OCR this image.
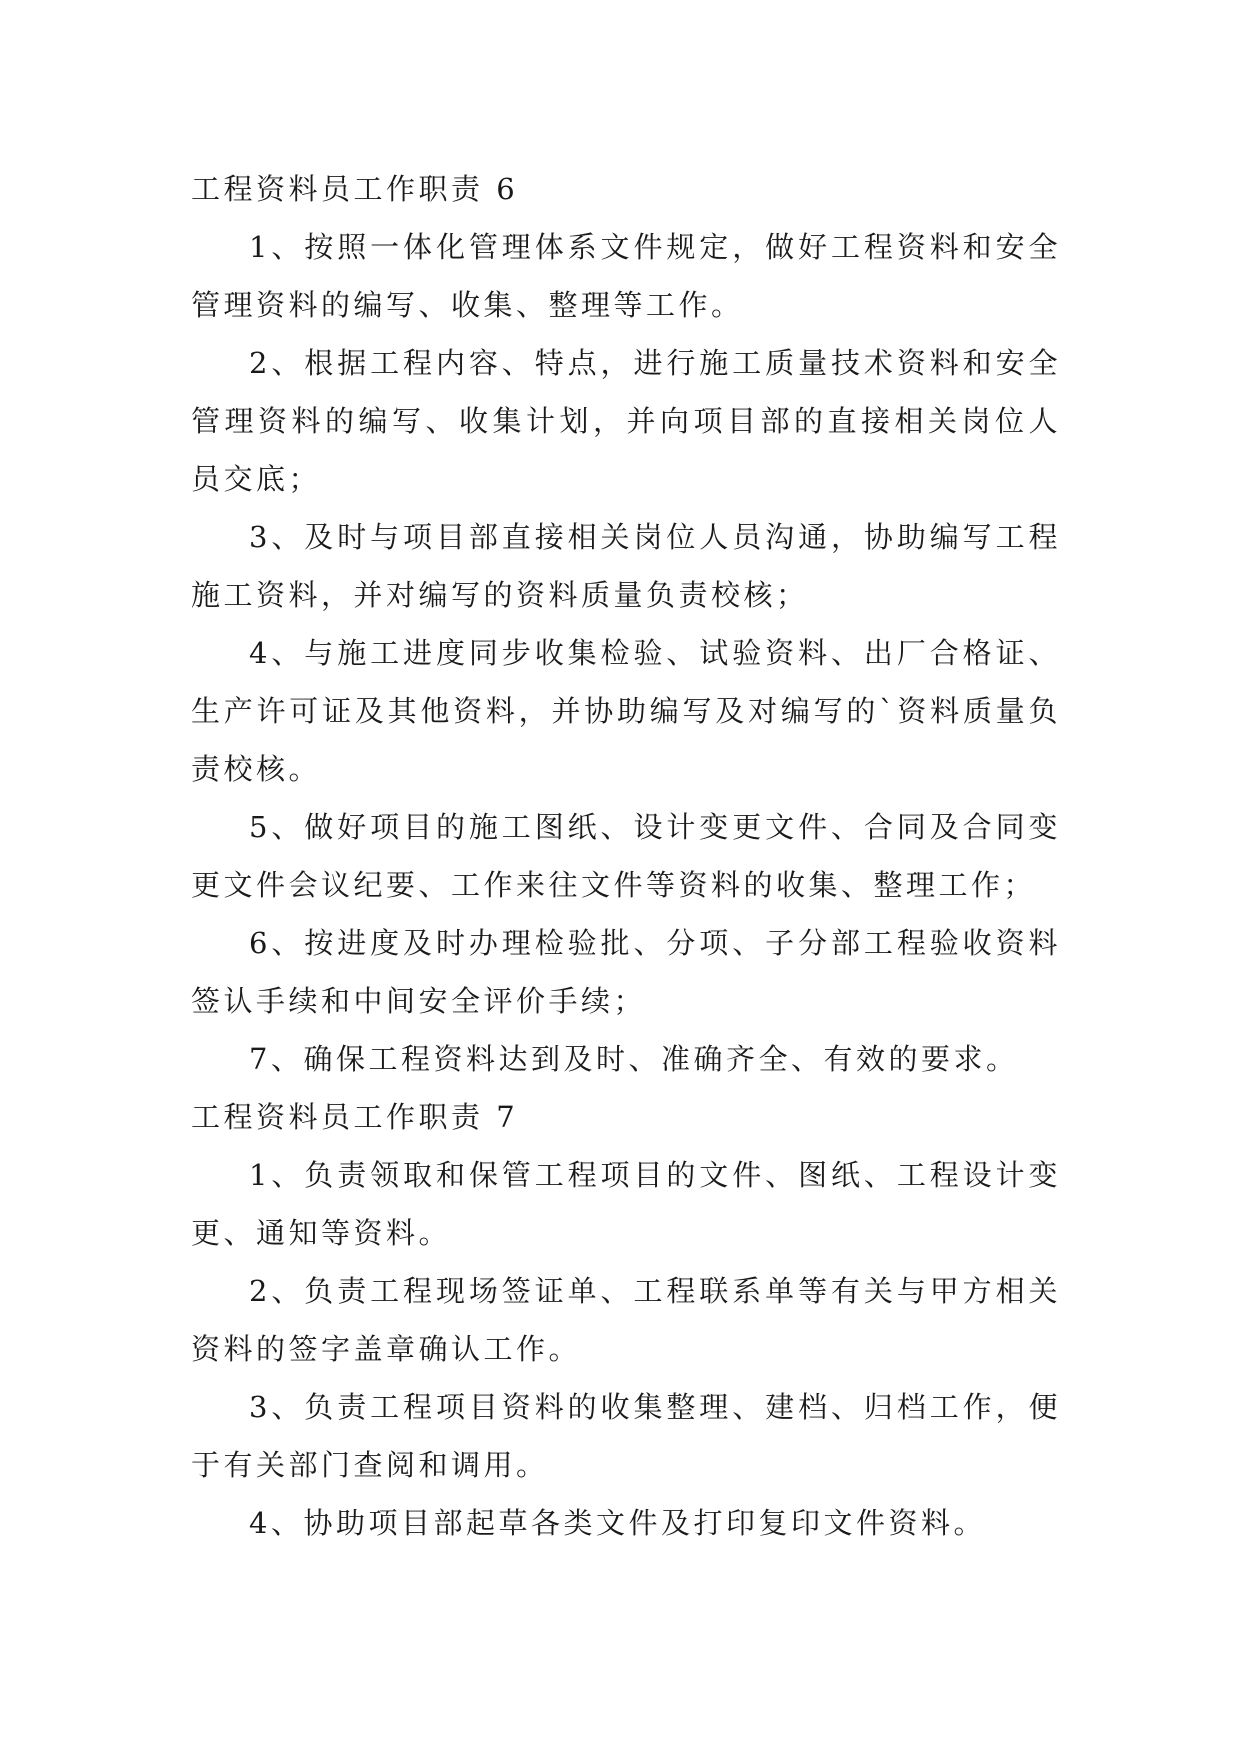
工程资料员工作职责 6

1、按照一体化管理体系文件规定，做好工程资料和安全管理资料的编写、收集、整理等工作。

2、根据工程内容、特点，进行施工质量技术资料和安全管理资料的编写、收集计划，并向项目部的直接相关岗位人员交底；

3、及时与项目部直接相关岗位人员沟通，协助编写工程施工资料，并对编写的资料质量负责校核；

4、与施工进度同步收集检验、试验资料、出厂合格证、生产许可证及其他资料，并协助编写及对编写的`资料质量负责校核。

5、做好项目的施工图纸、设计变更文件、合同及合同变更文件会议纪要、工作来往文件等资料的收集、整理工作；

6、按进度及时办理检验批、分项、子分部工程验收资料签认手续和中间安全评价手续；

7、确保工程资料达到及时、准确齐全、有效的要求。

工程资料员工作职责 7

1、负责领取和保管工程项目的文件、图纸、工程设计变更、通知等资料。

2、负责工程现场签证单、工程联系单等有关与甲方相关资料的签字盖章确认工作。

3、负责工程项目资料的收集整理、建档、归档工作，便于有关部门查阅和调用。

4、协助项目部起草各类文件及打印复印文件资料。
